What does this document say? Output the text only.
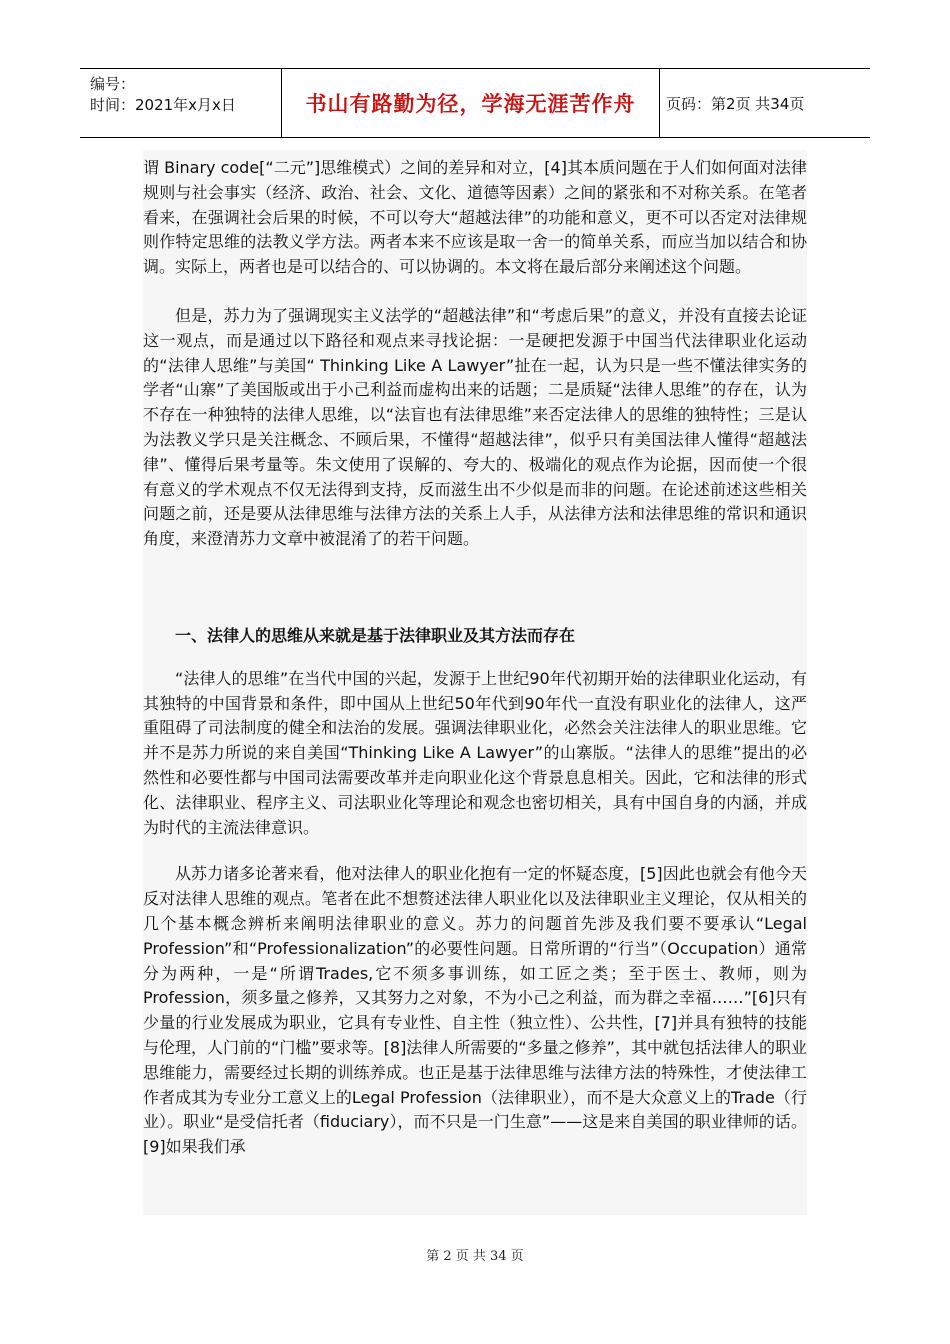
编号：
时间：2021年x月x日	书山有路勤为径，学海无涯苦作舟	页码：第2页 共34页

谓 Binary code[“二元”]思维模式）之间的差异和对立，[4]其本质问题在于人们如何面对法律规则与社会事实（经济、政治、社会、文化、道德等因素）之间的紧张和不对称关系。在笔者看来，在强调社会后果的时候，不可以夸大“超越法律”的功能和意义，更不可以否定对法律规则作特定思维的法教义学方法。两者本来不应该是取一舍一的简单关系，而应当加以结合和协调。实际上，两者也是可以结合的、可以协调的。本文将在最后部分来阐述这个问题。

但是，苏力为了强调现实主义法学的“超越法律”和“考虑后果”的意义，并没有直接去论证这一观点，而是通过以下路径和观点来寻找论据：一是硬把发源于中国当代法律职业化运动的“法律人思维”与美国“ Thinking Like A Lawyer”扯在一起，认为只是一些不懂法律实务的学者“山寨”了美国版或出于小己利益而虚构出来的话题；二是质疑“法律人思维”的存在，认为不存在一种独特的法律人思维，以“法盲也有法律思维”来否定法律人的思维的独特性；三是认为法教义学只是关注概念、不顾后果，不懂得“超越法律”，似乎只有美国法律人懂得“超越法律”、懂得后果考量等。朱文使用了误解的、夸大的、极端化的观点作为论据，因而使一个很有意义的学术观点不仅无法得到支持，反而滋生出不少似是而非的问题。在论述前述这些相关问题之前，还是要从法律思维与法律方法的关系上人手，从法律方法和法律思维的常识和通识角度，来澄清苏力文章中被混淆了的若干问题。

一、法律人的思维从来就是基于法律职业及其方法而存在

“法律人的思维”在当代中国的兴起，发源于上世纪90年代初期开始的法律职业化运动，有其独特的中国背景和条件，即中国从上世纪50年代到90年代一直没有职业化的法律人，这严重阻碍了司法制度的健全和法治的发展。强调法律职业化，必然会关注法律人的职业思维。它并不是苏力所说的来自美国“Thinking Like A Lawyer”的山寨版。“法律人的思维”提出的必然性和必要性都与中国司法需要改革并走向职业化这个背景息息相关。因此，它和法律的形式化、法律职业、程序主义、司法职业化等理论和观念也密切相关，具有中国自身的内涵，并成为时代的主流法律意识。

从苏力诸多论著来看，他对法律人的职业化抱有一定的怀疑态度，[5]因此也就会有他今天反对法律人思维的观点。笔者在此不想赘述法律人职业化以及法律职业主义理论，仅从相关的几个基本概念辨析来阐明法律职业的意义。苏力的问题首先涉及我们要不要承认“Legal Profession”和“Professionalization”的必要性问题。日常所谓的“行当”（Occupation）通常分为两种，一是“所谓Trades,它不须多事训练，如工匠之类；至于医士、教师，则为Profession，须多量之修养，又其努力之对象，不为小己之利益，而为群之幸福……”[6]只有少量的行业发展成为职业，它具有专业性、自主性（独立性）、公共性，[7]并具有独特的技能与伦理，人门前的“门槛”要求等。[8]法律人所需要的“多量之修养”，其中就包括法律人的职业思维能力，需要经过长期的训练养成。也正是基于法律思维与法律方法的特殊性，才使法律工作者成其为专业分工意义上的Legal Profession（法律职业），而不是大众意义上的Trade（行业）。职业“是受信托者（fiduciary），而不只是一门生意”——这是来自美国的职业律师的话。[9]如果我们承

第 2 页 共 34 页
